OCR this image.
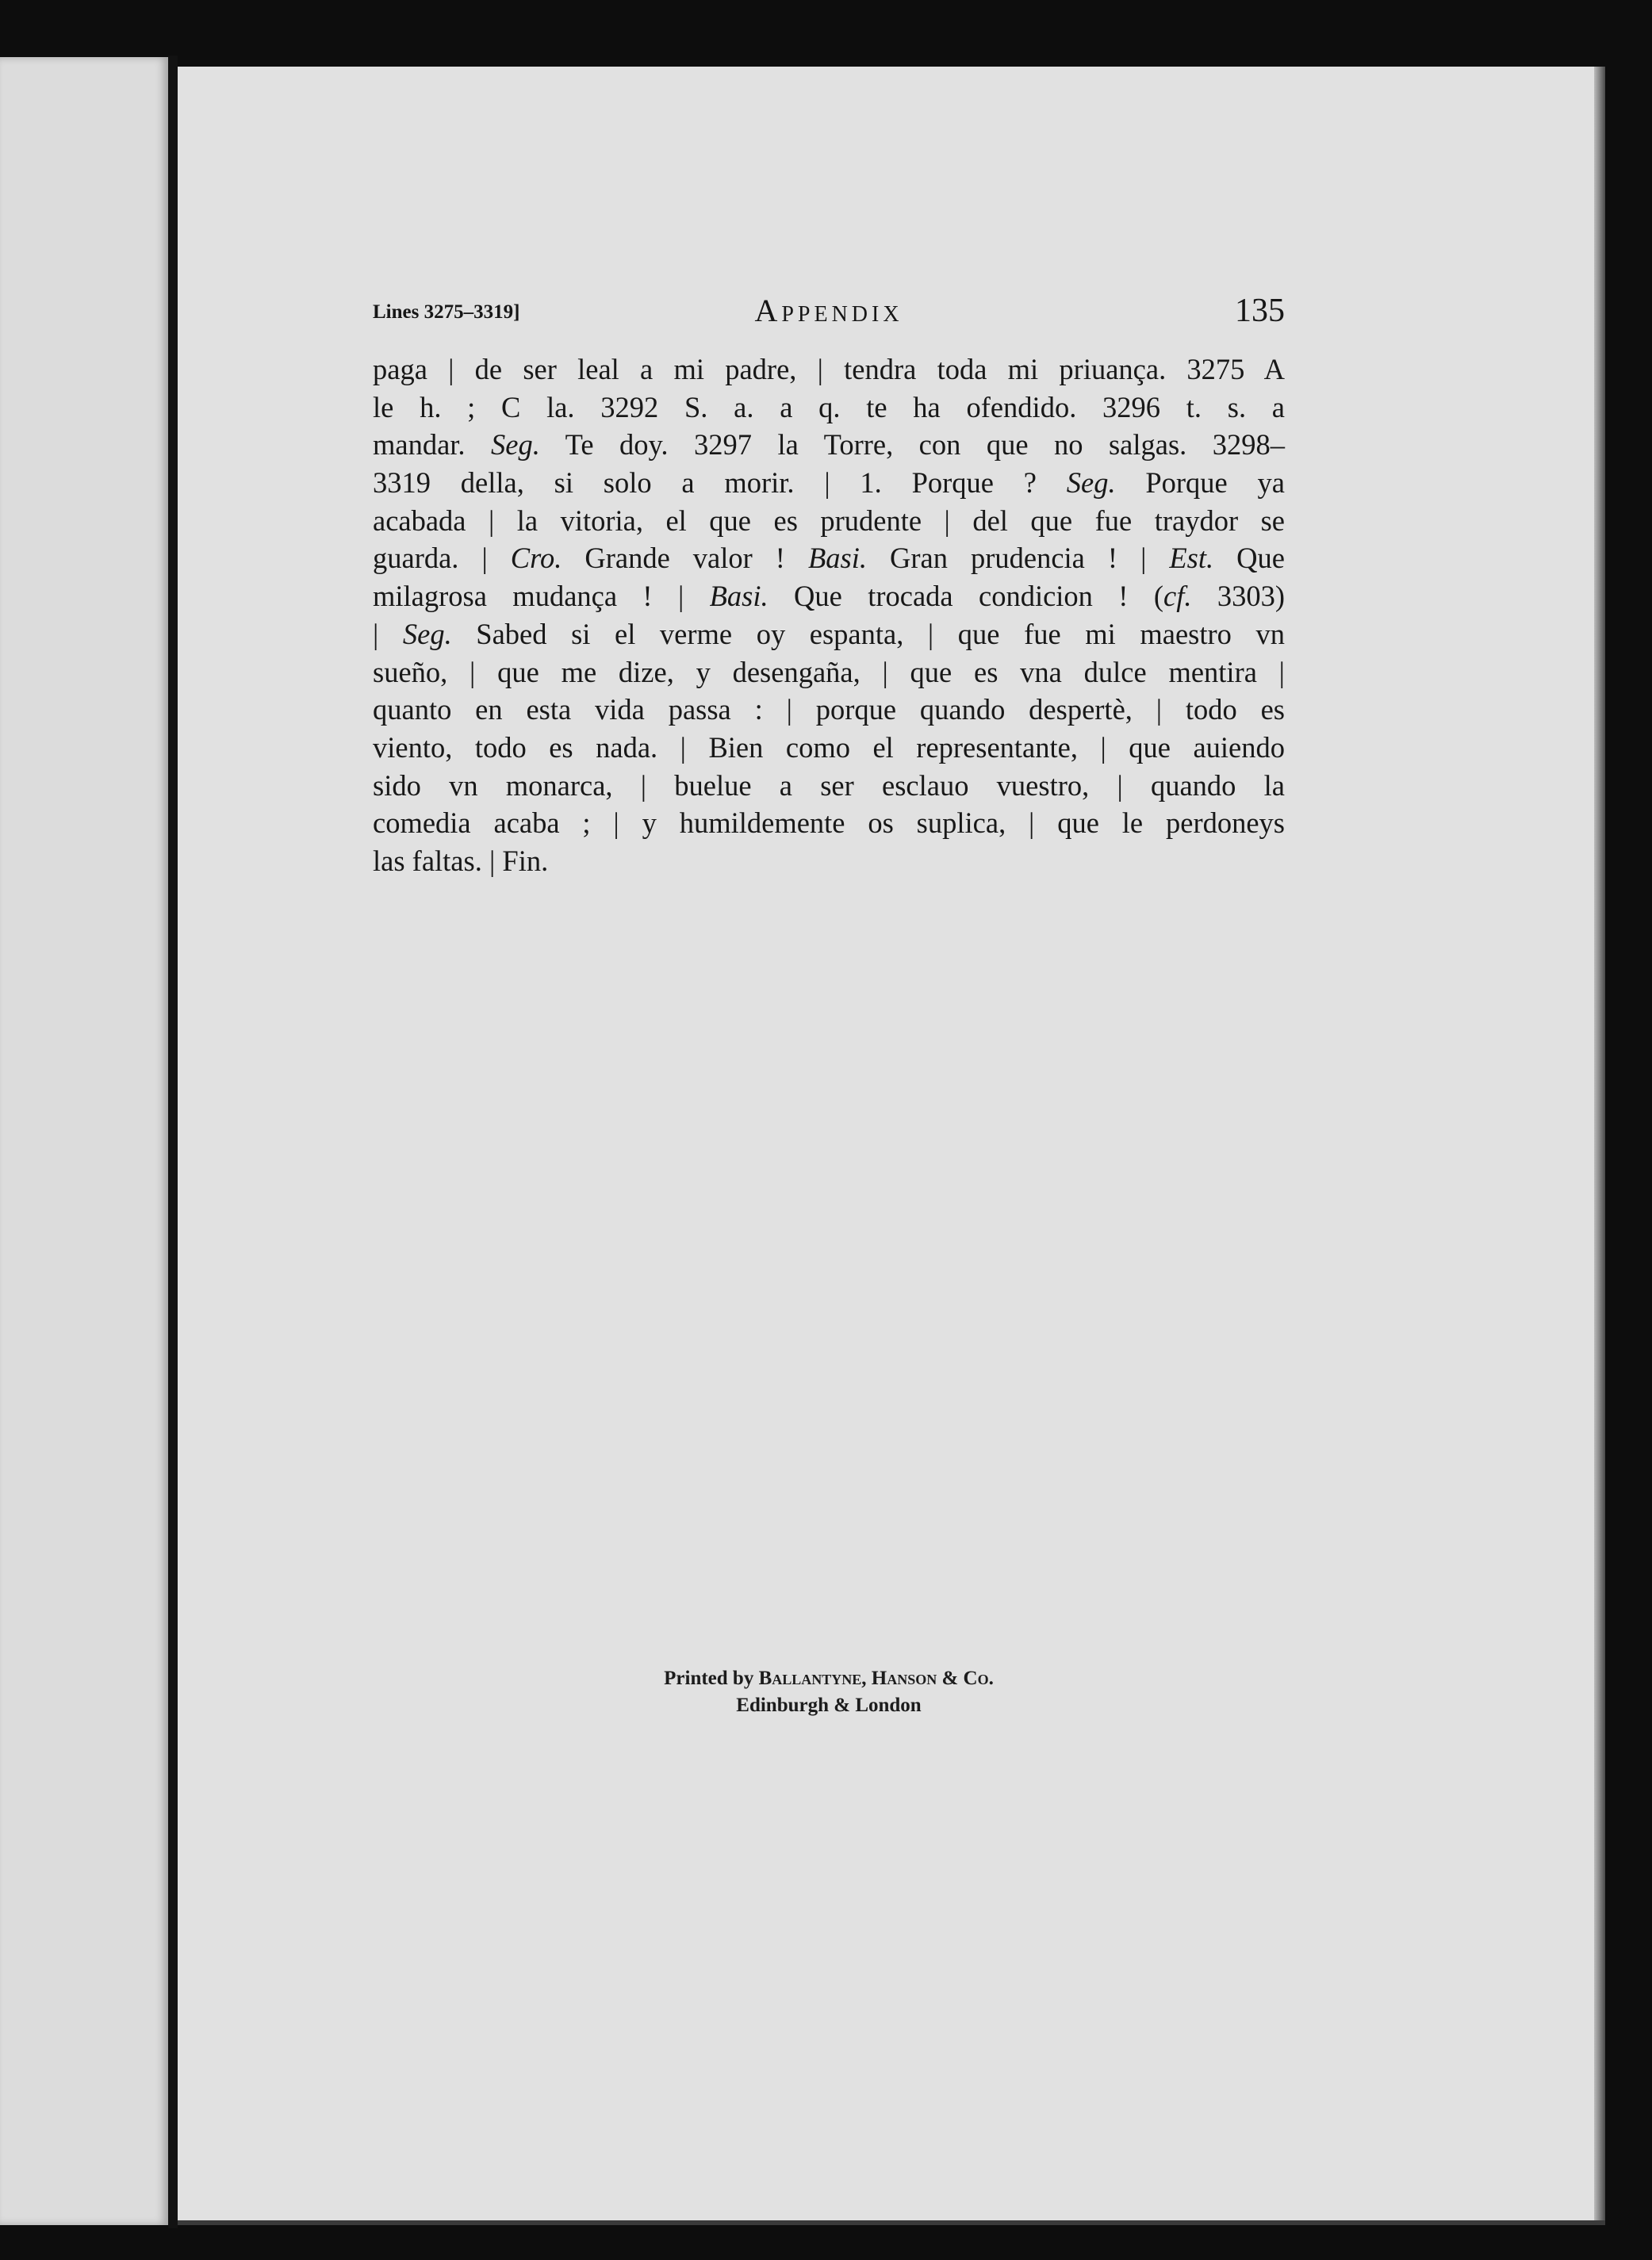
Lines 3275–3319]	Appendix	135
paga | de ser leal a mi padre, | tendra toda mi priuança. 3275 A
le h. ; C la. 3292 S. a. a q. te ha ofendido. 3296 t. s. a
mandar. Seg. Te doy. 3297 la Torre, con que no salgas. 3298–
3319 della, si solo a morir. | 1. Porque ? Seg. Porque ya
acabada | la vitoria, el que es prudente | del que fue traydor se
guarda. | Cro. Grande valor ! Basi. Gran prudencia ! | Est. Que
milagrosa mudança ! | Basi. Que trocada condicion ! (cf. 3303)
| Seg. Sabed si el verme oy espanta, | que fue mi maestro vn
sueño, | que me dize, y desengaña, | que es vna dulce mentira |
quanto en esta vida passa : | porque quando despertè, | todo es
viento, todo es nada. | Bien como el representante, | que auiendo
sido vn monarca, | buelue a ser esclauo vuestro, | quando la
comedia acaba ; | y humildemente os suplica, | que le perdoneys
las faltas. | Fin.
Printed by Ballantyne, Hanson & Co.
Edinburgh & London
